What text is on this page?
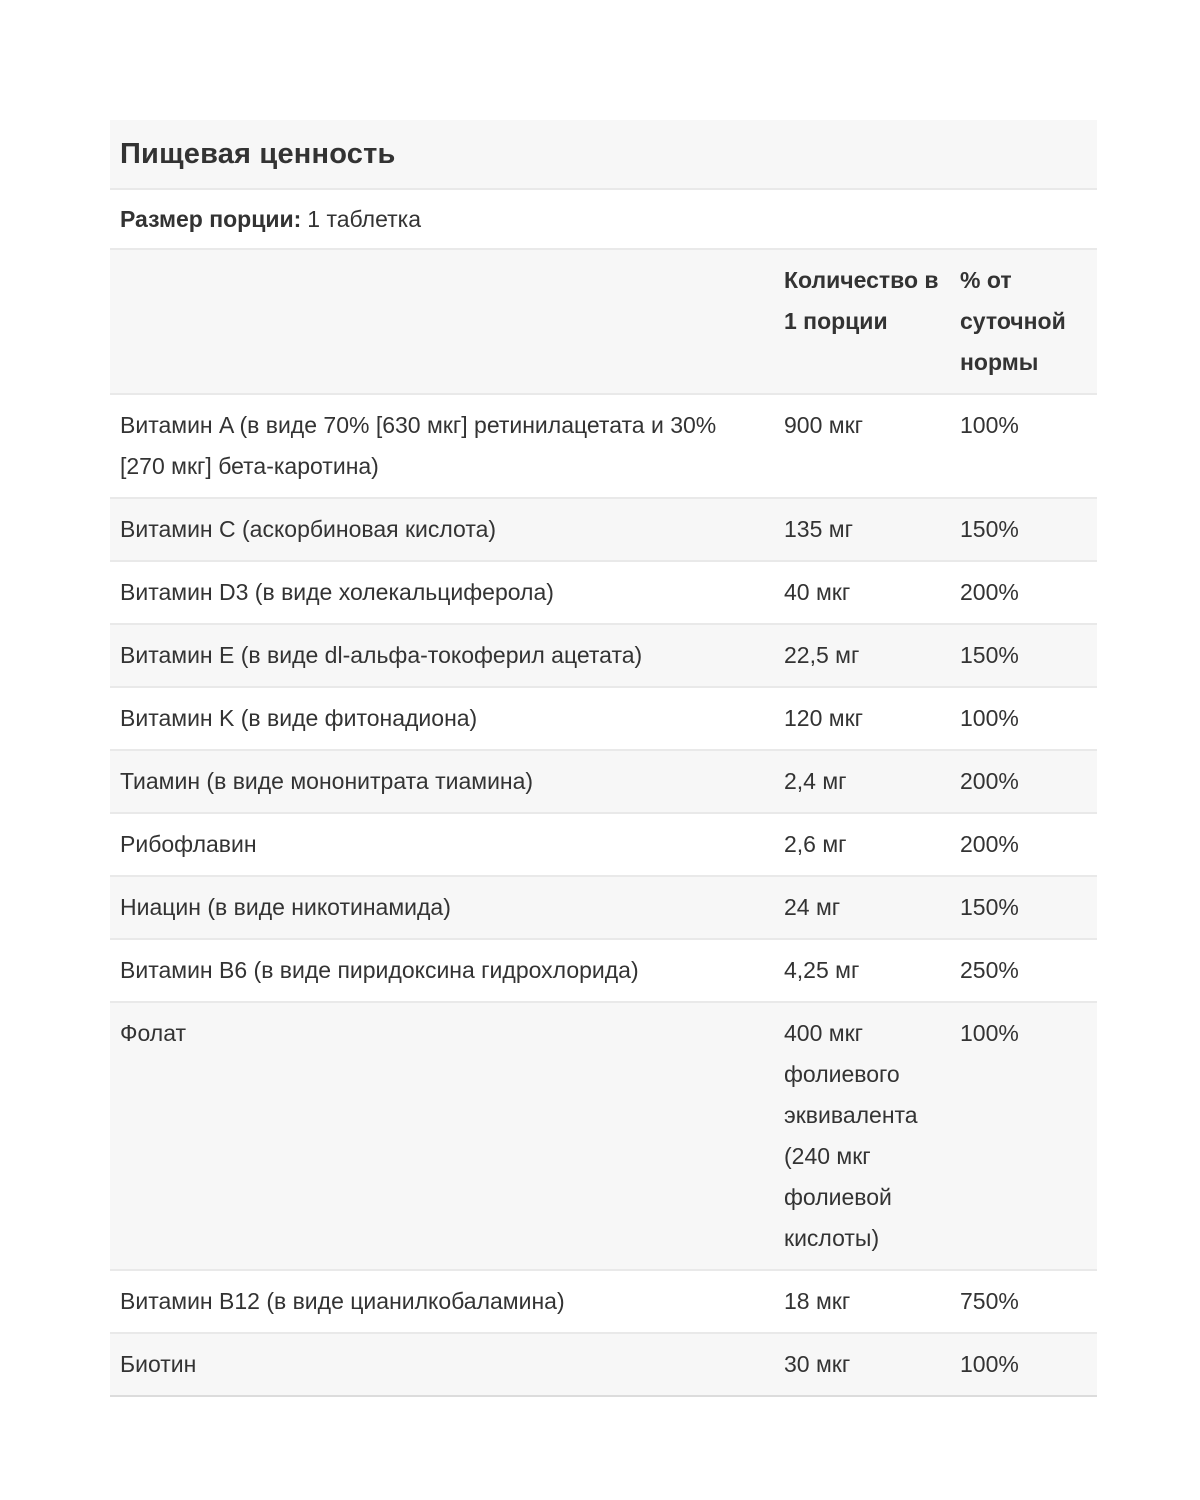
Пищевая ценность
Размер порции: 1 таблетка
	Количество в 1 порции	% от суточной нормы
Витамин A (в виде 70% [630 мкг] ретинилацетата и 30% [270 мкг] бета-каротина)	900 мкг	100%
Витамин C (аскорбиновая кислота)	135 мг	150%
Витамин D3 (в виде холекальциферола)	40 мкг	200%
Витамин E (в виде dl-альфа-токоферил ацетата)	22,5 мг	150%
Витамин K (в виде фитонадиона)	120 мкг	100%
Тиамин (в виде мононитрата тиамина)	2,4 мг	200%
Рибофлавин	2,6 мг	200%
Ниацин (в виде никотинамида)	24 мг	150%
Витамин B6 (в виде пиридоксина гидрохлорида)	4,25 мг	250%
Фолат	400 мкг фолиевого эквивалента (240 мкг фолиевой кислоты)	100%
Витамин B12 (в виде цианилкобаламина)	18 мкг	750%
Биотин	30 мкг	100%
